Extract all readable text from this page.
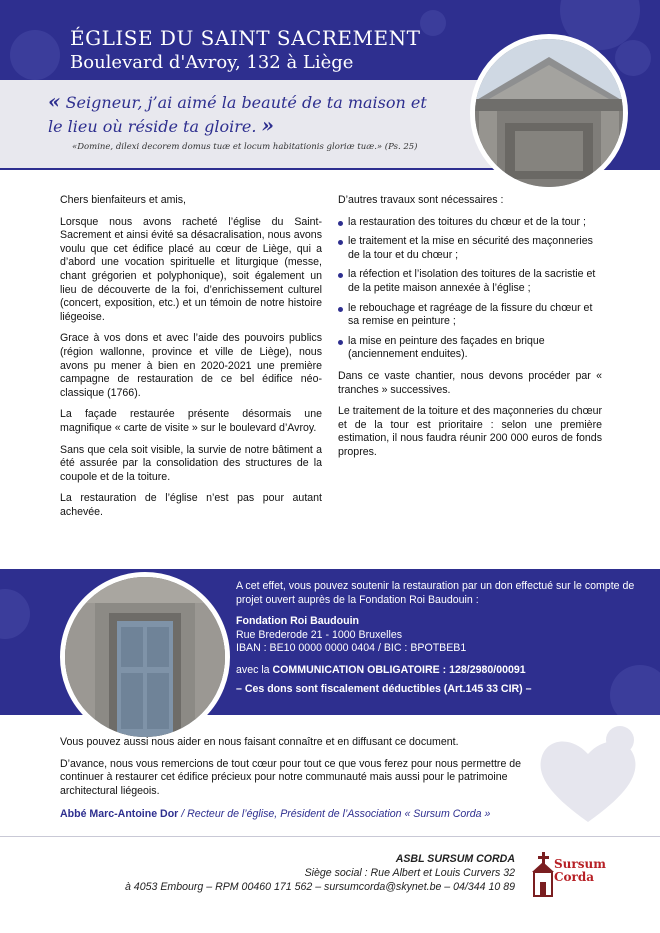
ÉGLISE DU SAINT SACREMENT
Boulevard d'Avroy, 132 à Liège
« Seigneur, j’ai aimé la beauté de ta maison et le lieu où réside ta gloire. »
«Domine, dilexi decorem domus tuæ et locum habitationis gloriæ tuæ.» (Ps. 25)

Chers bienfaiteurs et amis,

Lorsque nous avons racheté l’église du Saint-Sacrement et ainsi évité sa désacralisation, nous avons voulu que cet édifice placé au cœur de Liège, qui a d’abord une vocation spirituelle et liturgique (messe, chant grégorien et polyphonique), soit également un lieu de découverte de la foi, d’enrichissement culturel (concert, exposition, etc.) et un témoin de notre histoire liégeoise.

Grace à vos dons et avec l’aide des pouvoirs publics (région wallonne, province et ville de Liège), nous avons pu mener à bien en 2020-2021 une première campagne de restauration de ce bel édifice néo-classique (1766).

La façade restaurée présente désormais une magnifique « carte de visite » sur le boulevard d’Avroy.

Sans que cela soit visible, la survie de notre bâtiment a été assurée par la consolidation des structures de la coupole et de la toiture.

La restauration de l’église n’est pas pour autant achevée.

D’autres travaux sont nécessaires :

la restauration des toitures du chœur et de la tour ;
le traitement et la mise en sécurité des maçonneries de la tour et du chœur ;
la réfection et l’isolation des toitures de la sacristie et de la petite maison annexée à l’église ;
le rebouchage et ragréage de la fissure du chœur et sa remise en peinture ;
la mise en peinture des façades en brique (anciennement enduites).

Dans ce vaste chantier, nous devons procéder par « tranches » successives.

Le traitement de la toiture et des maçonneries du chœur et de la tour est prioritaire : selon une première estimation, il nous faudra réunir 200 000 euros de fonds propres.

A cet effet, vous pouvez soutenir la restauration par un don effectué sur le compte de projet ouvert auprès de la Fondation Roi Baudouin :
Fondation Roi Baudouin
Rue Brederode 21 - 1000 Bruxelles
IBAN : BE10 0000 0000 0404 / BIC : BPOTBEB1
avec la COMMUNICATION OBLIGATOIRE : 128/2980/00091
– Ces dons sont fiscalement déductibles (Art.145 33 CIR) –

Vous pouvez aussi nous aider en nous faisant connaître et en diffusant ce document.

D’avance, nous vous remercions de tout cœur pour tout ce que vous ferez pour nous permettre de continuer à restaurer cet édifice précieux pour notre communauté mais aussi pour le patrimoine architectural liégeois.

Abbé Marc-Antoine Dor / Recteur de l’église, Président de l’Association « Sursum Corda »
ASBL SURSUM CORDA
Siège social : Rue Albert et Louis Curvers 32
à 4053 Embourg – RPM 00460 171 562 – sursumcorda@skynet.be – 04/344 10 89
Sursum
Corda
